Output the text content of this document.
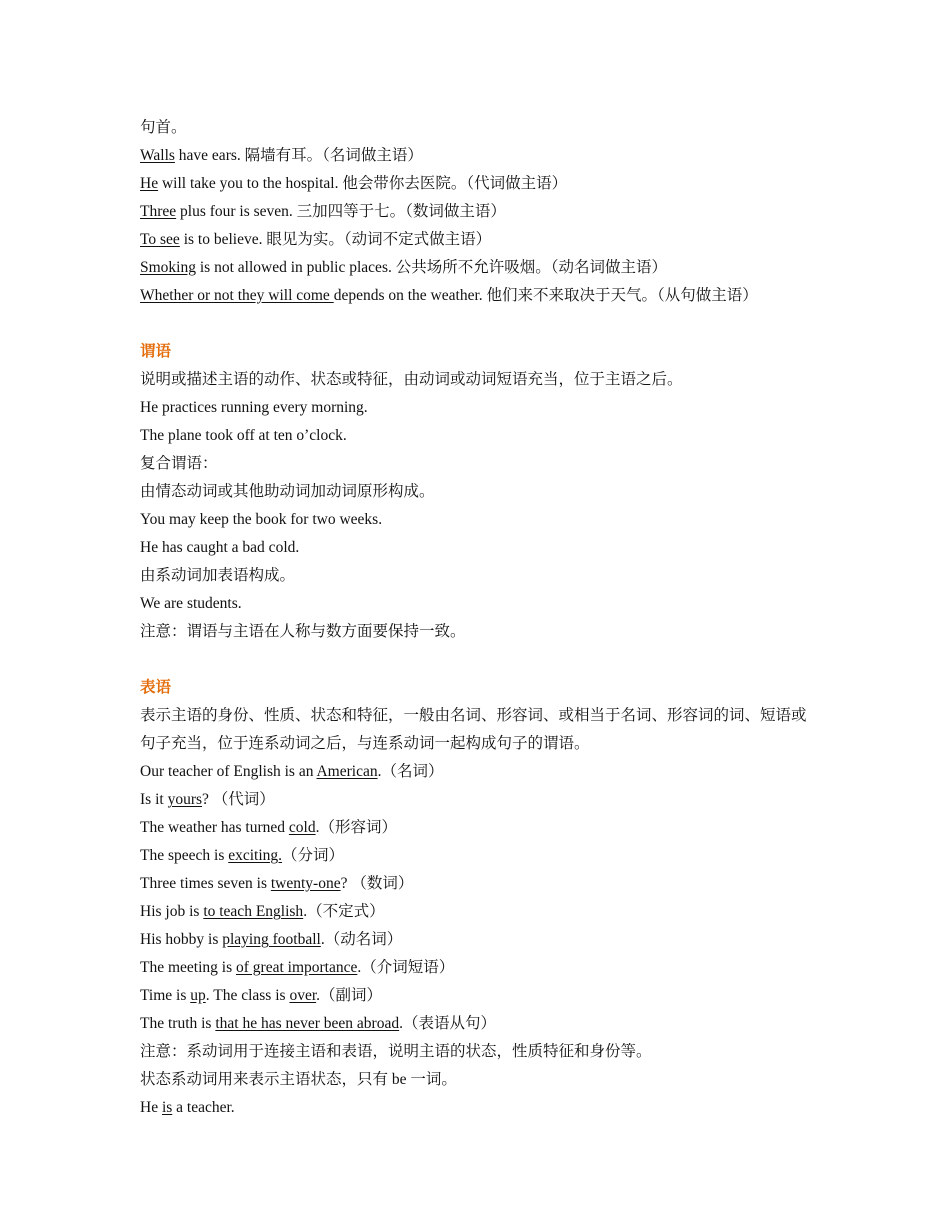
句首。
Walls have ears. 隔墙有耳。（名词做主语）
He will take you to the hospital. 他会带你去医院。（代词做主语）
Three plus four is seven. 三加四等于七。（数词做主语）
To see is to believe. 眼见为实。（动词不定式做主语）
Smoking is not allowed in public places. 公共场所不允许吸烟。（动名词做主语）
Whether or not they will come depends on the weather. 他们来不来取决于天气。（从句做主语）
谓语
说明或描述主语的动作、状态或特征，由动词或动词短语充当，位于主语之后。
He practices running every morning.
The plane took off at ten o’clock.
复合谓语：
由情态动词或其他助动词加动词原形构成。
You may keep the book for two weeks.
He has caught a bad cold.
由系动词加表语构成。
We are students.
注意：谓语与主语在人称与数方面要保持一致。
表语
表示主语的身份、性质、状态和特征，一般由名词、形容词、或相当于名词、形容词的词、短语或句子充当，位于连系动词之后，与连系动词一起构成句子的谓语。
Our teacher of English is an American.（名词）
Is it yours? （代词）
The weather has turned cold.（形容词）
The speech is exciting.（分词）
Three times seven is twenty-one? （数词）
His job is to teach English.（不定式）
His hobby is playing football.（动名词）
The meeting is of great importance.（介词短语）
Time is up. The class is over.（副词）
The truth is that he has never been abroad.（表语从句）
注意：系动词用于连接主语和表语，说明主语的状态，性质特征和身份等。
状态系动词用来表示主语状态，只有 be 一词。
He is a teacher.
